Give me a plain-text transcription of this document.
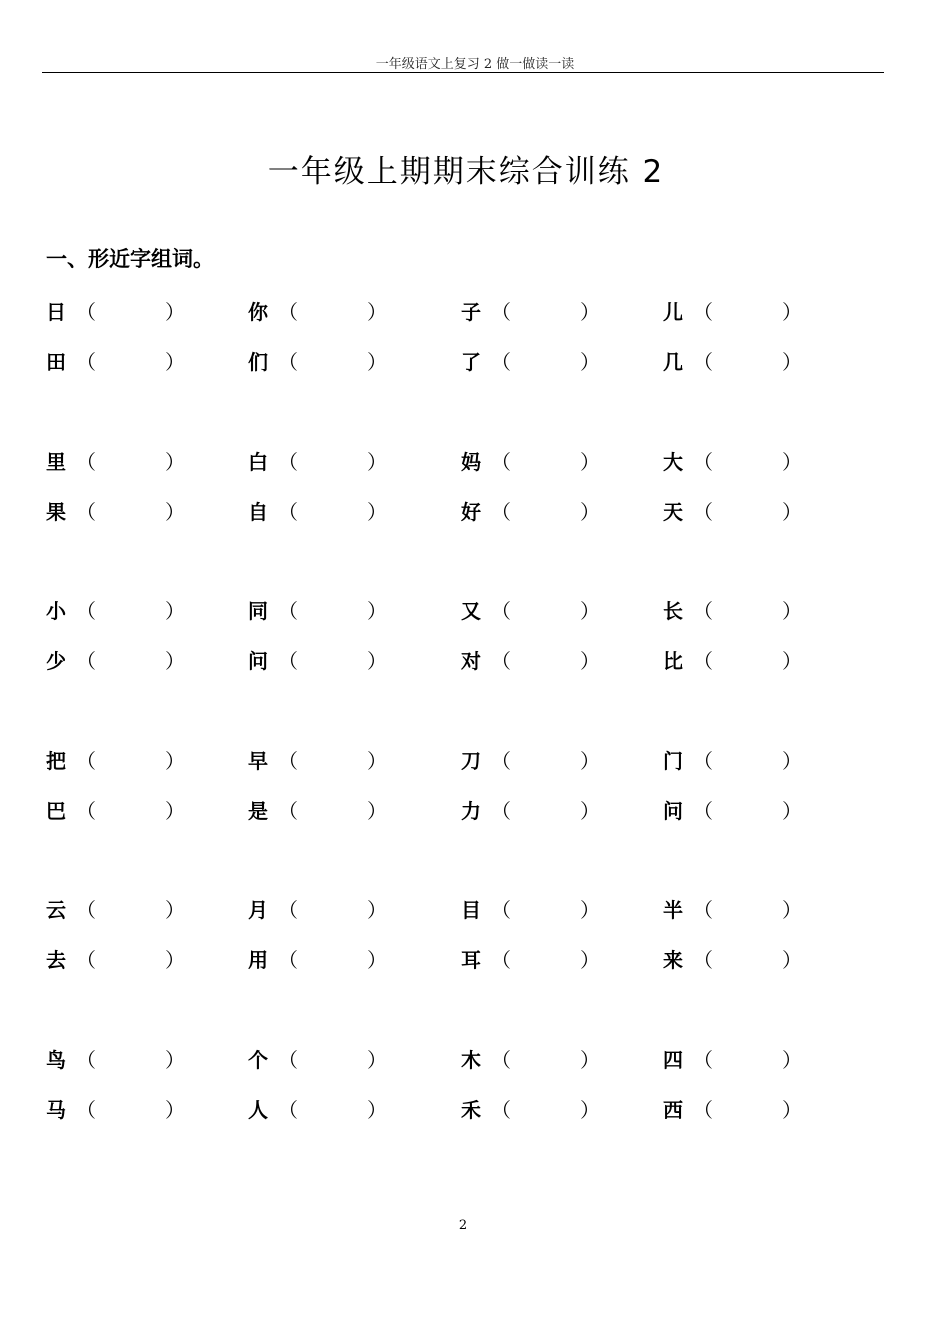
一年级语文上复习 2 做一做读一读
一年级上期期末综合训练 2
一、形近字组词。
日 （	）	你 （	）	子 （	）	儿 （	）
田 （	）	们 （	）	了 （	）	几 （	）
里 （	）	白 （	）	妈 （	）	大 （	）
果 （	）	自 （	）	好 （	）	天 （	）
小 （	）	同 （	）	又 （	）	长 （	）
少 （	）	问 （	）	对 （	）	比 （	）
把 （	）	早 （	）	刀 （	）	门 （	）
巴 （	）	是 （	）	力 （	）	问 （	）
云 （	）	月 （	）	目 （	）	半 （	）
去 （	）	用 （	）	耳 （	）	来 （	）
鸟 （	）	个 （	）	木 （	）	四 （	）
马 （	）	人 （	）	禾 （	）	西 （	）
2
